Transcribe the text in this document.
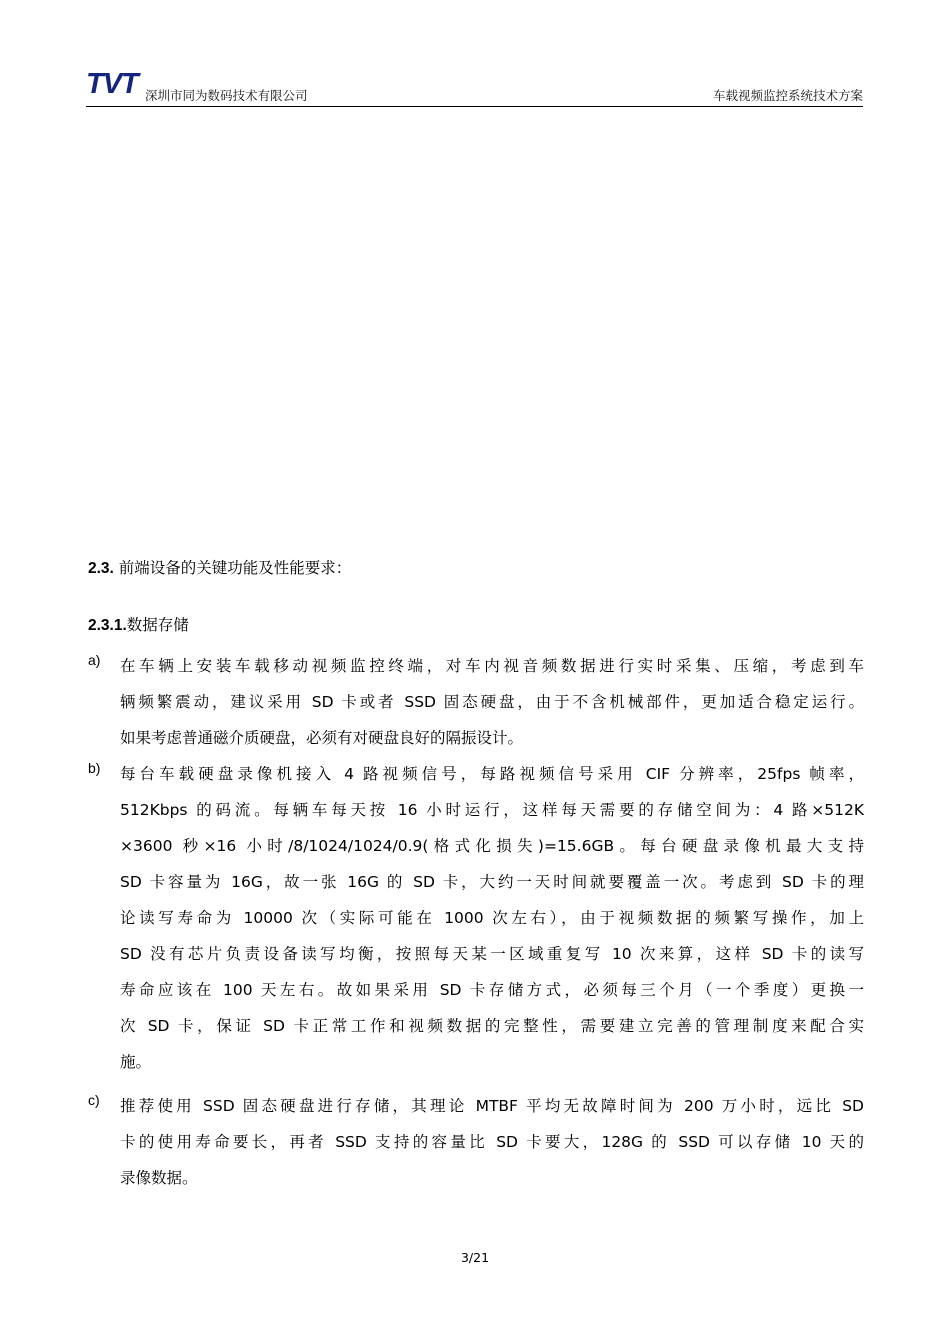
TVT 深圳市同为数码技术有限公司	车载视频监控系统技术方案
2.3. 前端设备的关键功能及性能要求：
2.3.1.数据存储
a) 在车辆上安装车载移动视频监控终端，对车内视音频数据进行实时采集、压缩，考虑到车
辆频繁震动，建议采用 SD 卡或者 SSD 固态硬盘，由于不含机械部件，更加适合稳定运行。
如果考虑普通磁介质硬盘，必须有对硬盘良好的隔振设计。
b) 每台车载硬盘录像机接入 4 路视频信号，每路视频信号采用 CIF 分辨率，25fps 帧率，
512Kbps 的码流。每辆车每天按 16 小时运行，这样每天需要的存储空间为：4 路×512K
×3600 秒×16 小时/8/1024/1024/0.9(格式化损失)=15.6GB。每台硬盘录像机最大支持
SD 卡容量为 16G，故一张 16G 的 SD 卡，大约一天时间就要覆盖一次。考虑到 SD 卡的理
论读写寿命为 10000 次（实际可能在 1000 次左右），由于视频数据的频繁写操作，加上
SD 没有芯片负责设备读写均衡，按照每天某一区域重复写 10 次来算，这样 SD 卡的读写
寿命应该在 100 天左右。故如果采用 SD 卡存储方式，必须每三个月（一个季度）更换一
次 SD 卡，保证 SD 卡正常工作和视频数据的完整性，需要建立完善的管理制度来配合实
施。
c) 推荐使用 SSD 固态硬盘进行存储，其理论 MTBF 平均无故障时间为 200 万小时，远比 SD
卡的使用寿命要长，再者 SSD 支持的容量比 SD 卡要大，128G 的 SSD 可以存储 10 天的
录像数据。
3/21
